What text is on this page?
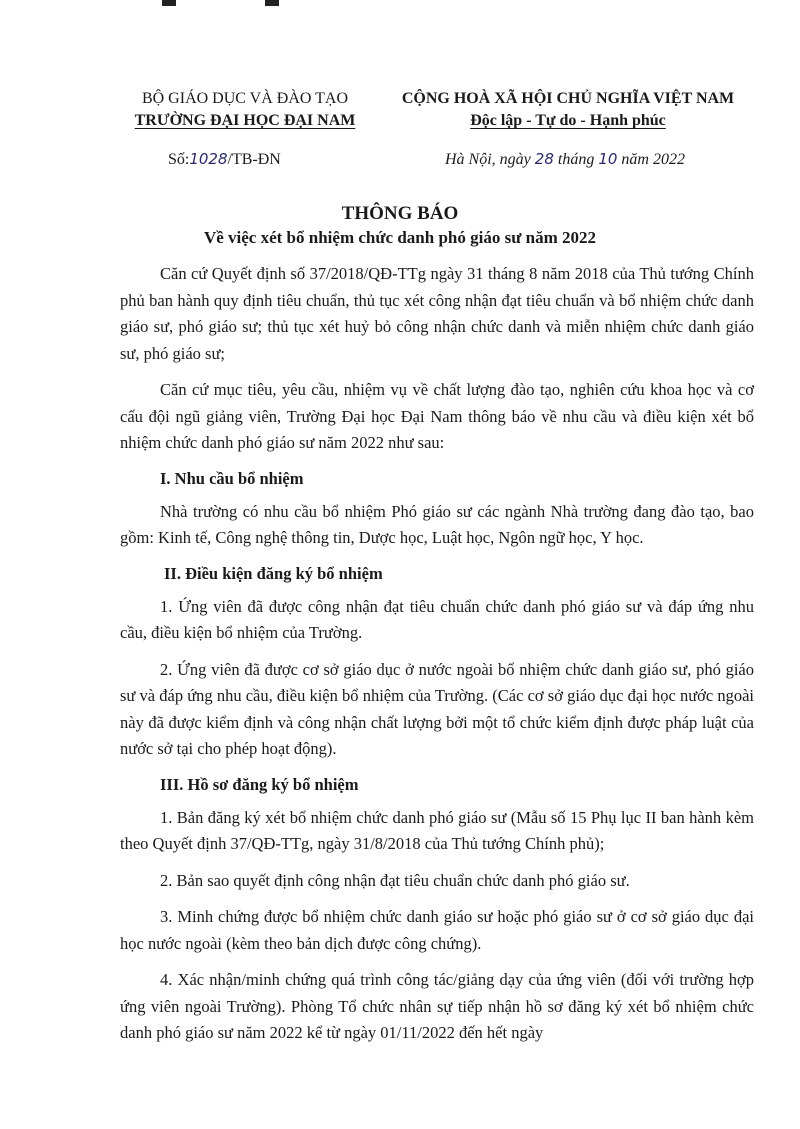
BỘ GIÁO DỤC VÀ ĐÀO TẠO
TRƯỜNG ĐẠI HỌC ĐẠI NAM
CỘNG HOÀ XÃ HỘI CHỦ NGHĨA VIỆT NAM
Độc lập - Tự do - Hạnh phúc
Số:1028/TB-ĐN	Hà Nội, ngày 28 tháng 10 năm 2022
THÔNG BÁO
Về việc xét bổ nhiệm chức danh phó giáo sư năm 2022

Căn cứ Quyết định số 37/2018/QĐ-TTg ngày 31 tháng 8 năm 2018 của Thủ tướng Chính phủ ban hành quy định tiêu chuẩn, thủ tục xét công nhận đạt tiêu chuẩn và bổ nhiệm chức danh giáo sư, phó giáo sư; thủ tục xét huỷ bỏ công nhận chức danh và miễn nhiệm chức danh giáo sư, phó giáo sư;

Căn cứ mục tiêu, yêu cầu, nhiệm vụ về chất lượng đào tạo, nghiên cứu khoa học và cơ cấu đội ngũ giảng viên, Trường Đại học Đại Nam thông báo về nhu cầu và điều kiện xét bổ nhiệm chức danh phó giáo sư năm 2022 như sau:

I. Nhu cầu bổ nhiệm

Nhà trường có nhu cầu bổ nhiệm Phó giáo sư các ngành Nhà trường đang đào tạo, bao gồm: Kinh tế, Công nghệ thông tin, Dược học, Luật học, Ngôn ngữ học, Y học.

II. Điều kiện đăng ký bổ nhiệm

1. Ứng viên đã được công nhận đạt tiêu chuẩn chức danh phó giáo sư và đáp ứng nhu cầu, điều kiện bổ nhiệm của Trường.

2. Ứng viên đã được cơ sở giáo dục ở nước ngoài bổ nhiệm chức danh giáo sư, phó giáo sư và đáp ứng nhu cầu, điều kiện bổ nhiệm của Trường. (Các cơ sở giáo dục đại học nước ngoài này đã được kiểm định và công nhận chất lượng bởi một tổ chức kiểm định được pháp luật của nước sở tại cho phép hoạt động).

III. Hồ sơ đăng ký bổ nhiệm

1. Bản đăng ký xét bổ nhiệm chức danh phó giáo sư (Mẫu số 15 Phụ lục II ban hành kèm theo Quyết định 37/QĐ-TTg, ngày 31/8/2018 của Thủ tướng Chính phủ);

2. Bản sao quyết định công nhận đạt tiêu chuẩn chức danh phó giáo sư.

3. Minh chứng được bổ nhiệm chức danh giáo sư hoặc phó giáo sư ở cơ sở giáo dục đại học nước ngoài (kèm theo bản dịch được công chứng).

4. Xác nhận/minh chứng quá trình công tác/giảng dạy của ứng viên (đối với trường hợp ứng viên ngoài Trường). Phòng Tổ chức nhân sự tiếp nhận hồ sơ đăng ký xét bổ nhiệm chức danh phó giáo sư năm 2022 kể từ ngày 01/11/2022 đến hết ngày
